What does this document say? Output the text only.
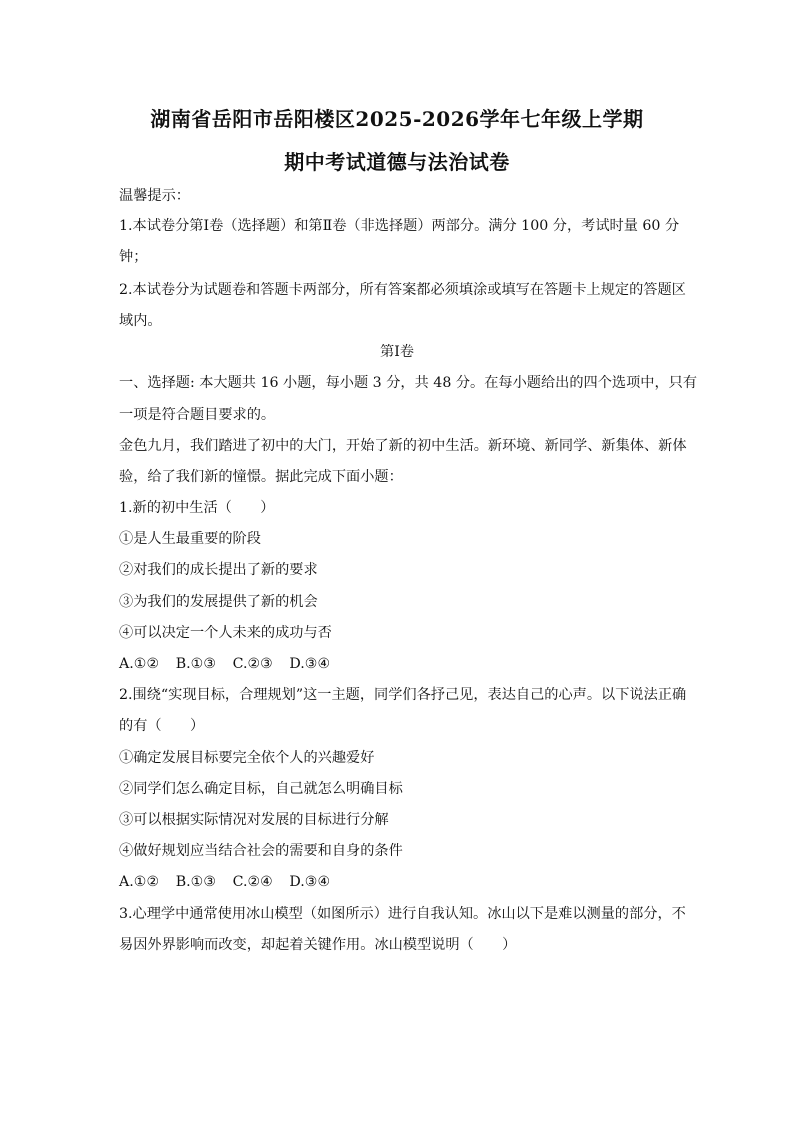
湖南省岳阳市岳阳楼区2025-2026学年七年级上学期
期中考试道德与法治试卷
温馨提示：
1.本试卷分第Ⅰ卷（选择题）和第Ⅱ卷（非选择题）两部分。满分 100 分，考试时量 60 分
钟；
2.本试卷分为试题卷和答题卡两部分，所有答案都必须填涂或填写在答题卡上规定的答题区
域内。
第Ⅰ卷
一、选择题: 本大题共 16 小题，每小题 3 分，共 48 分。在每小题给出的四个选项中，只有
一项是符合题目要求的。
金色九月，我们踏进了初中的大门，开始了新的初中生活。新环境、新同学、新集体、新体
验，给了我们新的憧憬。据此完成下面小题：
1.新的初中生活（　　）
①是人生最重要的阶段
②对我们的成长提出了新的要求
③为我们的发展提供了新的机会
④可以决定一个人未来的成功与否
A.①② B.①③ C.②③ D.③④
2.围绕“实现目标，合理规划”这一主题，同学们各抒己见，表达自己的心声。以下说法正确
的有（　　）
①确定发展目标要完全依个人的兴趣爱好
②同学们怎么确定目标，自己就怎么明确目标
③可以根据实际情况对发展的目标进行分解
④做好规划应当结合社会的需要和自身的条件
A.①② B.①③ C.②④ D.③④
3.心理学中通常使用冰山模型（如图所示）进行自我认知。冰山以下是难以测量的部分，不
易因外界影响而改变，却起着关键作用。冰山模型说明（　　）
